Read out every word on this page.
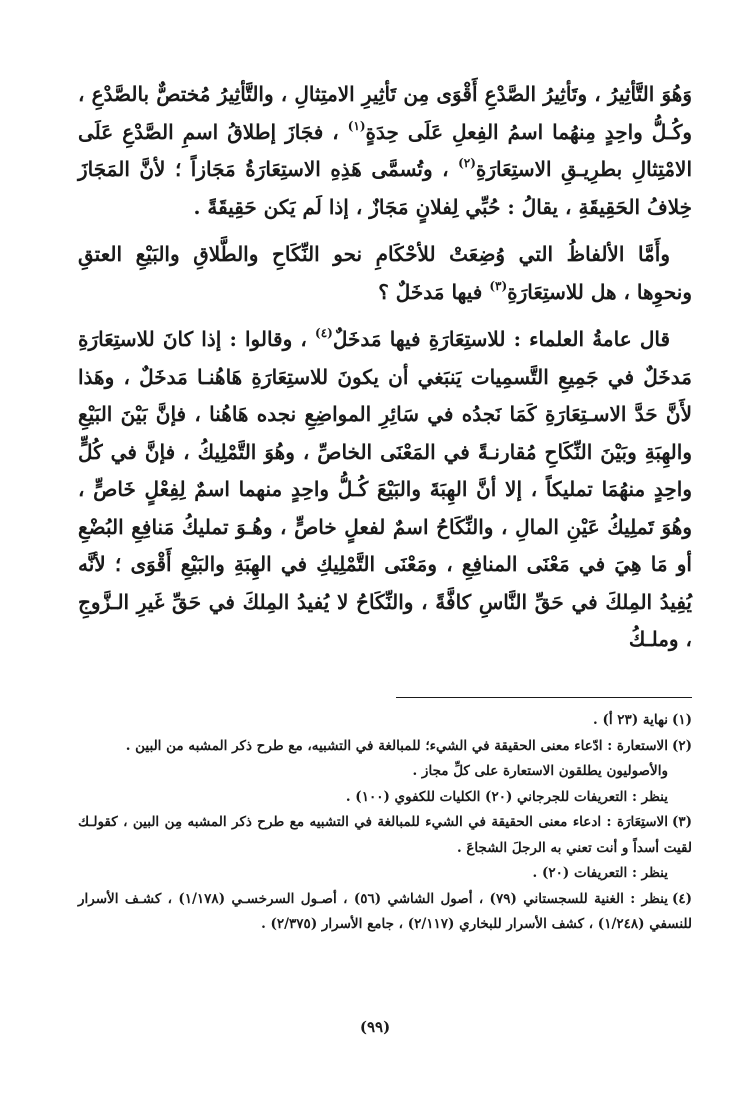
وَهُوَ التَّأثِيرُ ، وتَأثِيرُ الصَّدْعِ أَقْوَى مِن تَأثِيرِ الامتِثالِ ، والتَّأثِيرُ مُختصٌّ بالصَّدْعِ ، وكُـلُّ واحِدٍ مِنهُما اسمُ الفِعلِ عَلَى حِدَةٍ$^{(١)}$ ، فجَازَ إطلاقُ اسمِ الصَّدْعِ عَلَى الامْتِثالِ بطرِيـقِ الاستِعَارَةِ$^{(٢)}$ ، وتُسمَّى هَذِهِ الاستِعَارَةُ مَجَازاً ؛ لأنَّ المَجَازَ خِلافُ الحَقِيقَةِ ، يقالُ : حُبِّي لِفلانٍ مَجَازٌ ، إذا لَم يَكن حَقِيقَةً .

وأَمَّا الألفاظُ التي وُضِعَتْ للأحْكَامِ نحو النِّكَاحِ والطَّلاقِ والبَيْعِ العتقِ ونحوِها ، هل للاستِعَارَةِ$^{(٣)}$ فيها مَدخَلٌ ؟

قال عامةُ العلماء : للاستِعَارَةِ فيها مَدخَلٌ$^{(٤)}$ ، وقالوا : إذا كانَ للاستِعَارَةِ مَدخَلٌ في جَمِيعِ التَّسمِيات يَنبَغي أن يكونَ للاستِعَارَةِ هَاهُنـا مَدخَلٌ ، وهَذا لأَنَّ حَدَّ الاسـتِعَارَةِ كَمَا نَجدُه في سَائِرِ المواضِعِ نجده هَاهُنا ، فإنَّ بَيْنَ البَيْعِ والهِبَةِ وبَيْنَ النِّكَاحِ مُقارنـةً في المَعْنَى الخاصِّ ، وهُوَ التَّمْلِيكُ ، فإنَّ في كُلٍّ واحِدٍ منهُمَا تمليكاً ، إلا أنَّ الهِبَةَ والبَيْعَ كُـلُّ واحِدٍ منهما اسمٌ لِفِعْلٍ خَاصٍّ ، وهُوَ تَملِيكُ عَيْنِ المالِ ، والنِّكَاحُ اسمٌ لفعلٍ خاصٍّ ، وهُـوَ تمليكُ مَنافِعِ البُضْعِ أو مَا هِيَ في مَعْنَى المنافِعِ ، ومَعْنَى التَّمْلِيكِ في الهِبَةِ والبَيْعِ أَقْوَى ؛ لأنَّه يُفِيدُ المِلكَ في حَقِّ النَّاسِ كافَّةً ، والنِّكَاحُ لا يُفيدُ المِلكَ في حَقِّ غَيرِ الـزَّوجِ ، وملـكُ

(١)نهاية (٢٣ أ) .

(٢)الاستعارة : ادّعاء معنى الحقيقة في الشيء؛ للمبالغة في التشبيه، مع طرح ذكر المشبه من البين .

والأصوليون يطلقون الاستعارة على كلِّ مجاز .

ينظر : التعريفات للجرجاني (٢٠) الكليات للكفوي (١٠٠) .

(٣)الاستِعَارَة : ادعاء معنى الحقيقة في الشيء للمبالغة في التشبيه مع طرح ذكر المشبه مِن البين ، كقولـك لقيت أسداً و أنت تعني به الرجلَ الشجاعَ .

ينظر : التعريفات (٢٠) .

(٤)ينظر : الغنية للسجستاني (٧٩) ، أصول الشاشي (٥٦) ، أصـول السرخسـي (١/١٧٨) ، كشـف الأسرار للنسفي (١/٢٤٨) ، كشف الأسرار للبخاري (٢/١١٧) ، جامع الأسرار (٢/٣٧٥) .

(٩٩)
